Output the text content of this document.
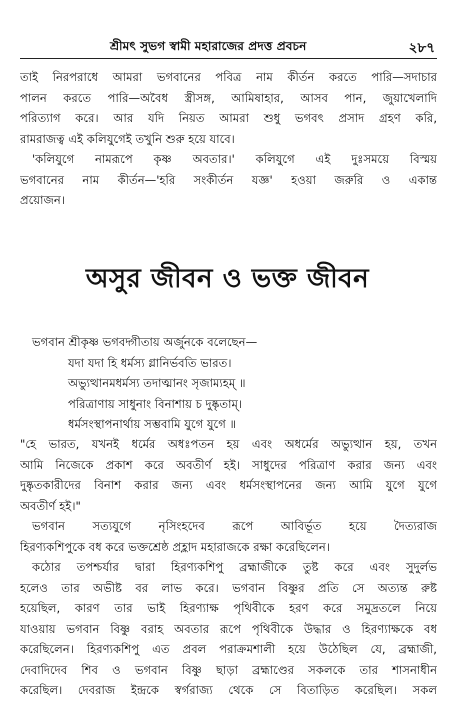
শ্রীমৎ সুভগ স্বামী মহারাজের প্রদত্ত প্রবচন	২৮৭
তাই নিরপরাধে আমরা ভগবানের পবিত্র নাম কীর্তন করতে পারি—সদাচার
পালন করতে পারি—অবৈধ স্ত্রীসঙ্গ, আমিষাহার, আসব পান, জুয়াখেলাদি
পরিত্যাগ করে। আর যদি নিয়ত আমরা শুধু ভগবৎ প্রসাদ গ্রহণ করি,
রামরাজত্ব এই কলিযুগেই তখুনি শুরু হয়ে যাবে।
'কলিযুগে নামরূপে কৃষ্ণ অবতার।' কলিযুগে এই দুঃসময়ে বিস্ময়
ভগবানের নাম কীর্তন—'হরি সংকীর্তন যজ্ঞ' হওয়া জরুরি ও একান্ত
প্রয়োজন।
অসুর জীবন ও ভক্ত জীবন
ভগবান শ্রীকৃষ্ণ ভগবদ্গীতায় অর্জুনকে বলেছেন—
যদা যদা হি ধর্মস্য গ্লানির্ভবতি ভারত।
অভ্যুত্থানমধর্মস্য তদাত্মানং সৃজাম্যহম্ ॥
পরিত্রাণায় সাধুনাং বিনাশায় চ দুষ্কৃতাম্।
ধর্মসংস্থাপনার্থায় সম্ভবামি যুগে যুগে ॥
"হে ভারত, যখনই ধর্মের অধঃপতন হয় এবং অধর্মের অভ্যুত্থান হয়, তখন
আমি নিজেকে প্রকাশ করে অবতীর্ণ হই। সাধুদের পরিত্রাণ করার জন্য এবং
দুষ্কৃতকারীদের বিনাশ করার জন্য এবং ধর্মসংস্থাপনের জন্য আমি যুগে যুগে
অবতীর্ণ হই।"
ভগবান সত্যযুগে নৃসিংহদেব রূপে আবির্ভূত হয়ে দৈত্যরাজ
হিরণ্যকশিপুকে বধ করে ভক্তশ্রেষ্ঠ প্রহ্লাদ মহারাজকে রক্ষা করেছিলেন।
কঠোর তপশ্চর্যার দ্বারা হিরণ্যকশিপু ব্রহ্মাজীকে তুষ্ট করে এবং সুদুর্লভ
হলেও তার অভীষ্ট বর লাভ করে। ভগবান বিষ্ণুর প্রতি সে অত্যন্ত রুষ্ট
হয়েছিল, কারণ তার ভাই হিরণ্যাক্ষ পৃথিবীকে হরণ করে সমুদ্রতলে নিয়ে
যাওয়ায় ভগবান বিষ্ণু বরাহ অবতার রূপে পৃথিবীকে উদ্ধার ও হিরণ্যাক্ষকে বধ
করেছিলেন। হিরণ্যকশিপু এত প্রবল পরাক্রমশালী হয়ে উঠেছিল যে, ব্রহ্মাজী,
দেবাদিদেব শিব ও ভগবান বিষ্ণু ছাড়া ব্রহ্মাণ্ডের সকলকে তার শাসনাধীন
করেছিল। দেবরাজ ইন্দ্রকে স্বর্গরাজ্য থেকে সে বিতাড়িত করেছিল। সকল
